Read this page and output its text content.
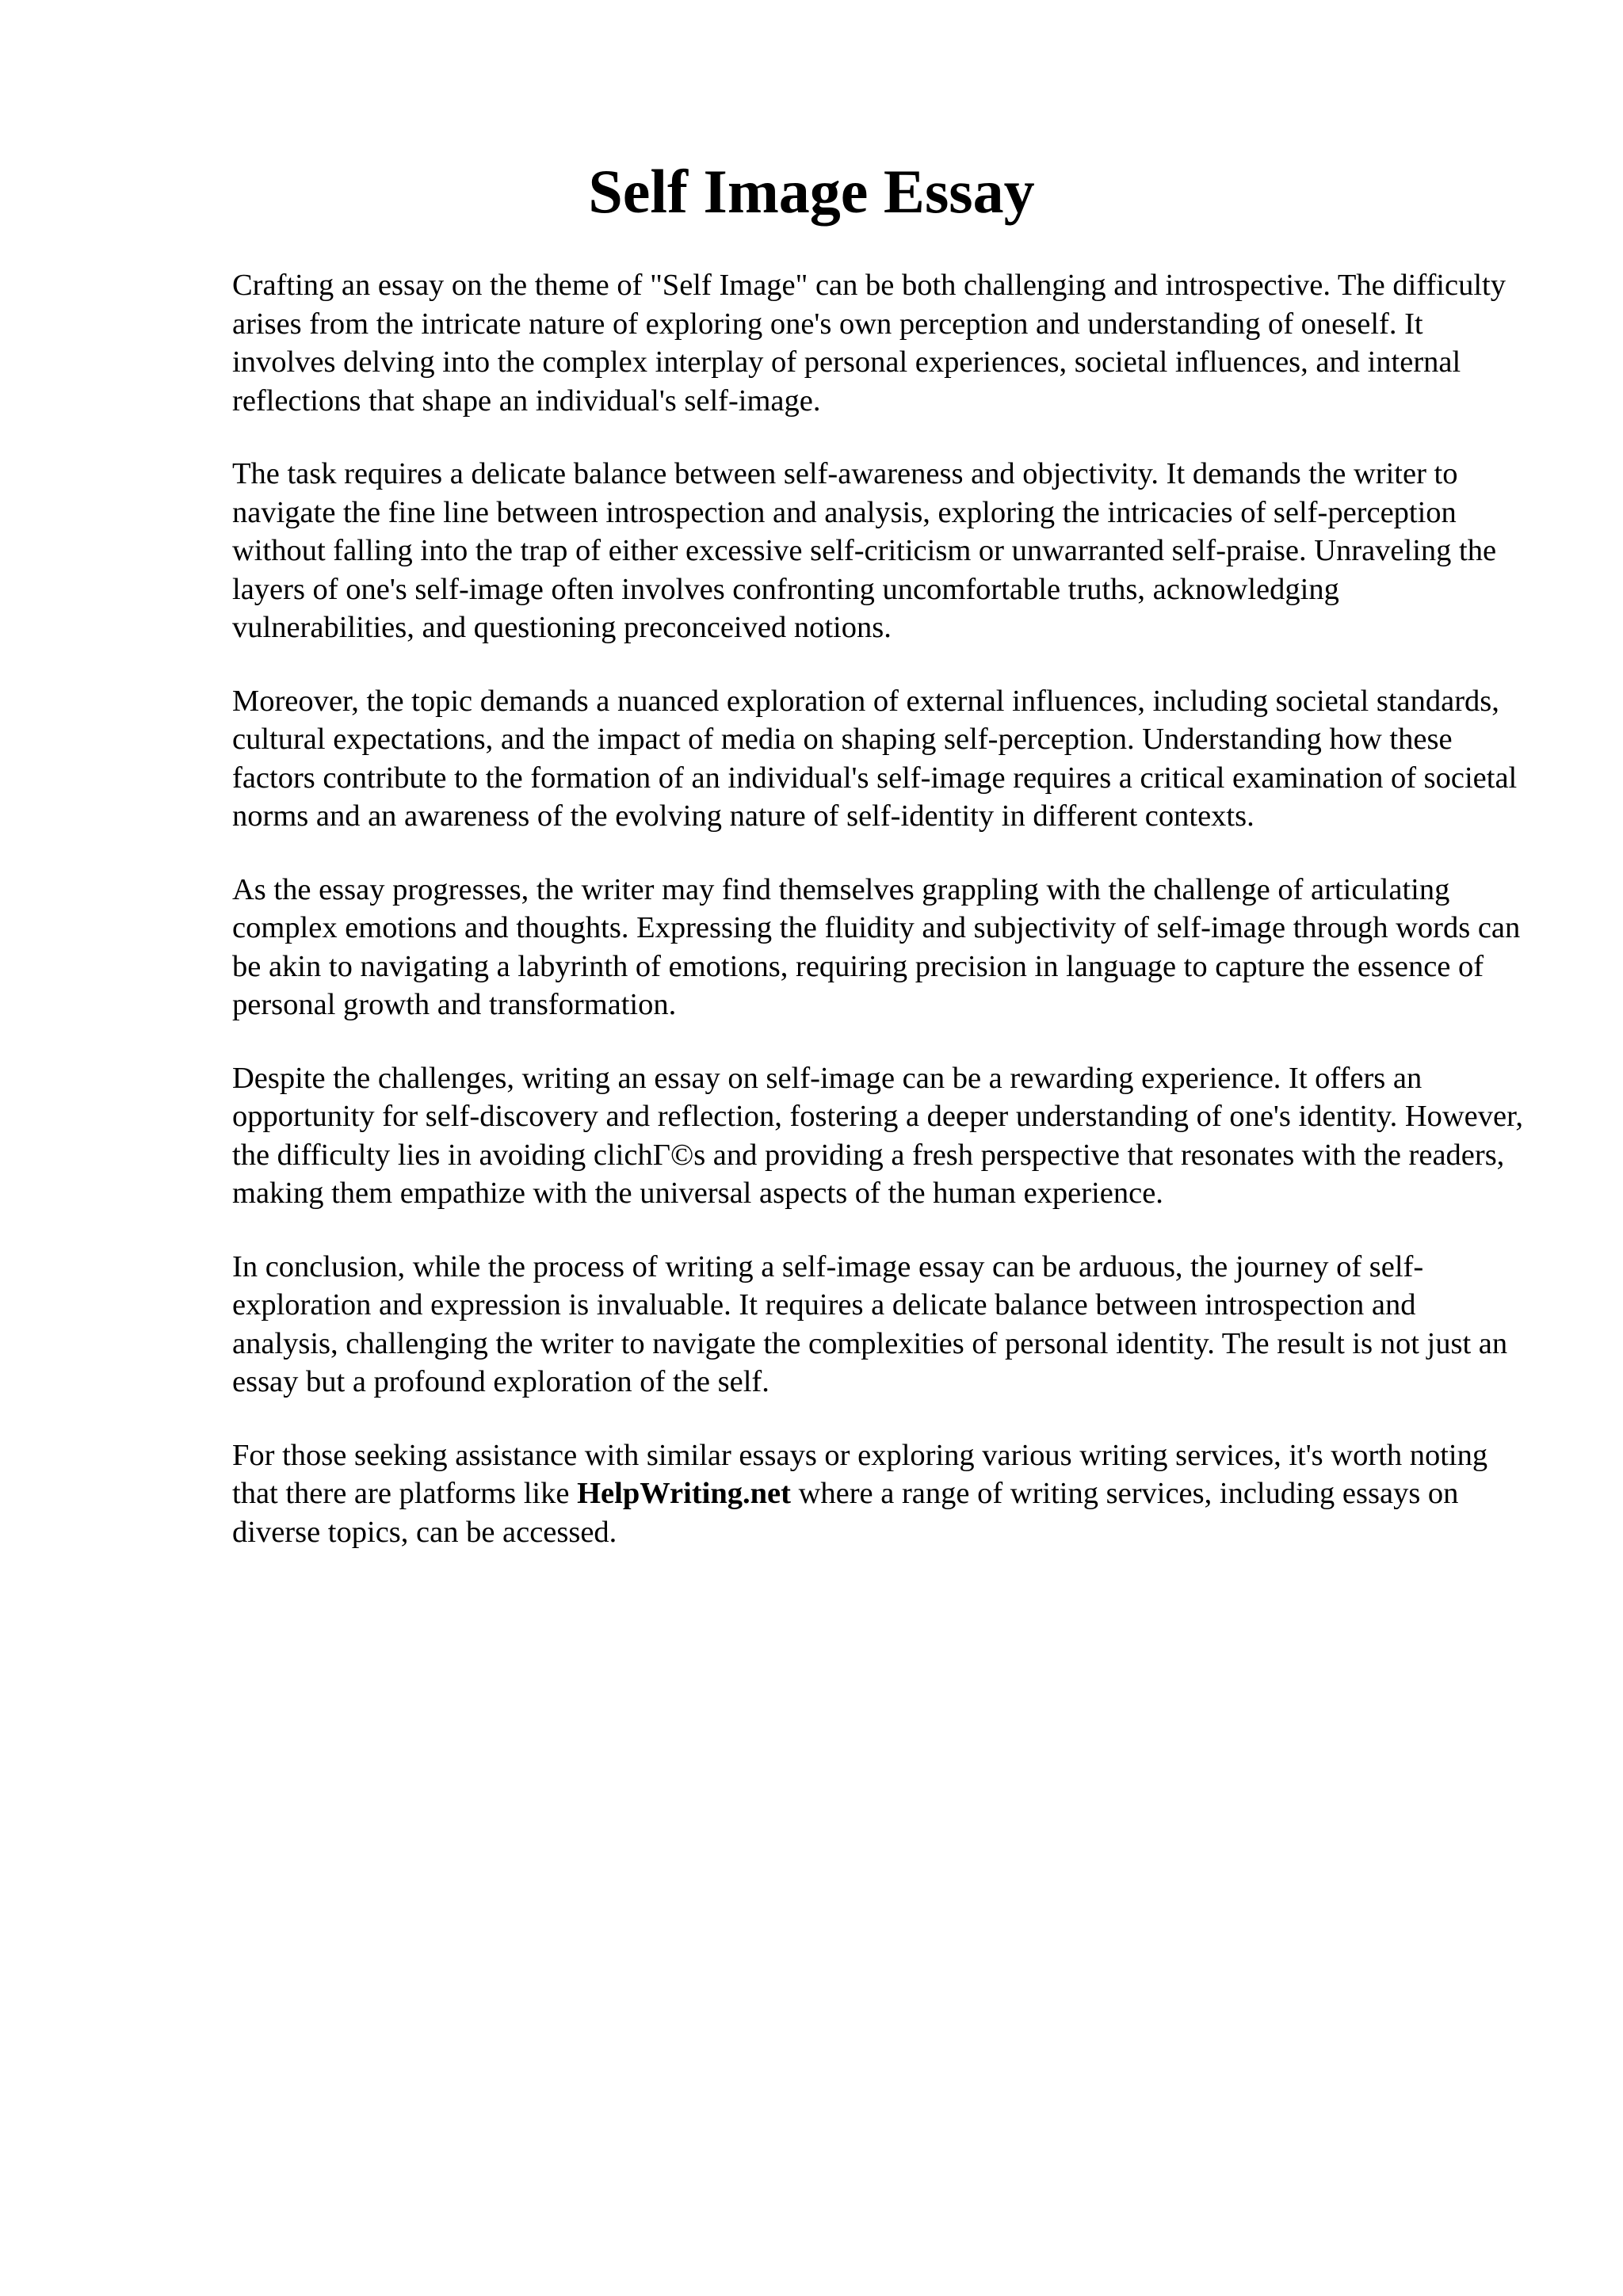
Self Image Essay

Crafting an essay on the theme of "Self Image" can be both challenging and introspective. The difficulty arises from the intricate nature of exploring one's own perception and understanding of oneself. It involves delving into the complex interplay of personal experiences, societal influences, and internal reflections that shape an individual's self-image.

The task requires a delicate balance between self-awareness and objectivity. It demands the writer to navigate the fine line between introspection and analysis, exploring the intricacies of self-perception without falling into the trap of either excessive self-criticism or unwarranted self-praise. Unraveling the layers of one's self-image often involves confronting uncomfortable truths, acknowledging vulnerabilities, and questioning preconceived notions.

Moreover, the topic demands a nuanced exploration of external influences, including societal standards, cultural expectations, and the impact of media on shaping self-perception. Understanding how these factors contribute to the formation of an individual's self-image requires a critical examination of societal norms and an awareness of the evolving nature of self-identity in different contexts.

As the essay progresses, the writer may find themselves grappling with the challenge of articulating complex emotions and thoughts. Expressing the fluidity and subjectivity of self-image through words can be akin to navigating a labyrinth of emotions, requiring precision in language to capture the essence of personal growth and transformation.

Despite the challenges, writing an essay on self-image can be a rewarding experience. It offers an opportunity for self-discovery and reflection, fostering a deeper understanding of one's identity. However, the difficulty lies in avoiding clichΓ©s and providing a fresh perspective that resonates with the readers, making them empathize with the universal aspects of the human experience.

In conclusion, while the process of writing a self-image essay can be arduous, the journey of self-exploration and expression is invaluable. It requires a delicate balance between introspection and analysis, challenging the writer to navigate the complexities of personal identity. The result is not just an essay but a profound exploration of the self.

For those seeking assistance with similar essays or exploring various writing services, it's worth noting that there are platforms like HelpWriting.net where a range of writing services, including essays on diverse topics, can be accessed.
